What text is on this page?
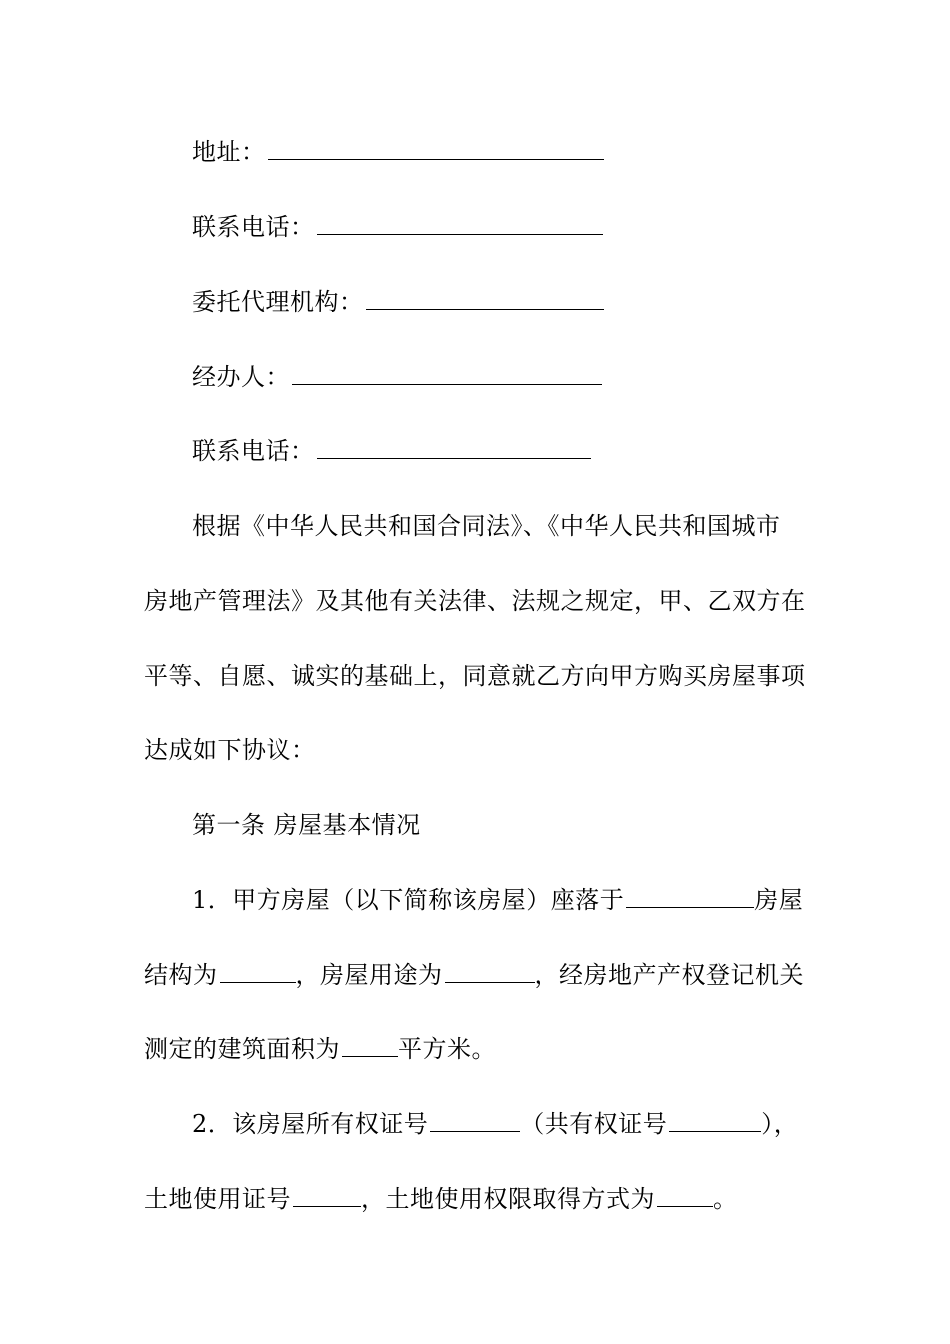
地址：
联系电话：
委托代理机构：
经办人：
联系电话：
根据《中华人民共和国合同法》、《中华人民共和国城市
房地产管理法》及其他有关法律、法规之规定，甲、乙双方在
平等、自愿、诚实的基础上，同意就乙方向甲方购买房屋事项
达成如下协议：
第一条 房屋基本情况
1．甲方房屋（以下简称该房屋）座落于	房屋
结构为	，房屋用途为	，经房地产产权登记机关
测定的建筑面积为 平方米。
2．该房屋所有权证号	（共有权证号	），
土地使用证号	，土地使用权限取得方式为 。
